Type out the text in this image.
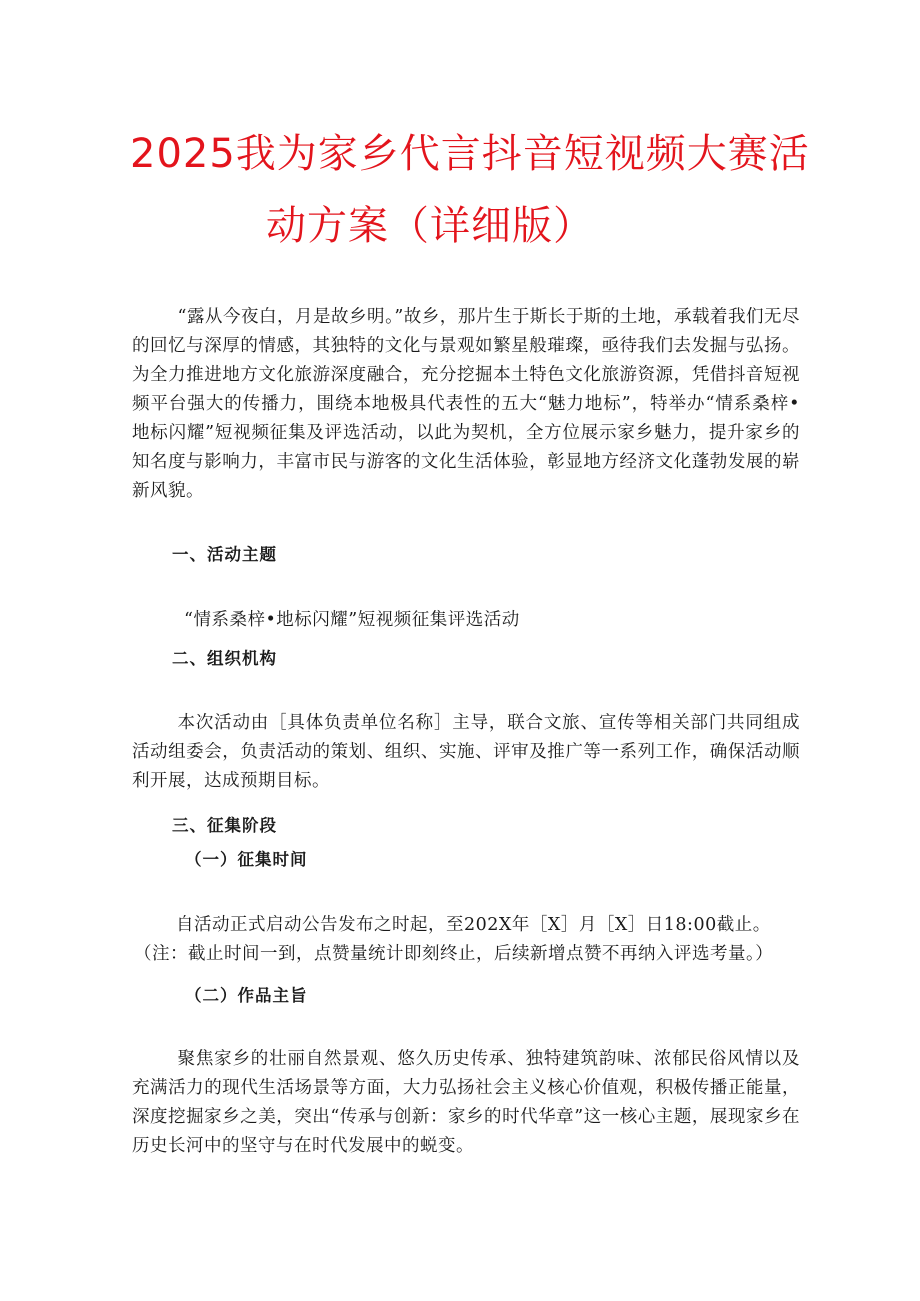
2025我为家乡代言抖音短视频大赛活
动方案（详细版）

“露从今夜白，月是故乡明。”故乡，那片生于斯长于斯的土地，承载着我们无尽的回忆与深厚的情感，其独特的文化与景观如繁星般璀璨，亟待我们去发掘与弘扬。为全力推进地方文化旅游深度融合，充分挖掘本土特色文化旅游资源，凭借抖音短视频平台强大的传播力，围绕本地极具代表性的五大“魅力地标”，特举办“情系桑梓•地标闪耀”短视频征集及评选活动，以此为契机，全方位展示家乡魅力，提升家乡的知名度与影响力，丰富市民与游客的文化生活体验，彰显地方经济文化蓬勃发展的崭新风貌。

一、活动主题

“情系桑梓•地标闪耀”短视频征集评选活动

二、组织机构

本次活动由［具体负责单位名称］主导，联合文旅、宣传等相关部门共同组成活动组委会，负责活动的策划、组织、实施、评审及推广等一系列工作，确保活动顺利开展，达成预期目标。

三、征集阶段
（一）征集时间

自活动正式启动公告发布之时起，至202X年［X］月［X］日18:00截止。

（注：截止时间一到，点赞量统计即刻终止，后续新增点赞不再纳入评选考量。）

（二）作品主旨

聚焦家乡的壮丽自然景观、悠久历史传承、独特建筑韵味、浓郁民俗风情以及充满活力的现代生活场景等方面，大力弘扬社会主义核心价值观，积极传播正能量，深度挖掘家乡之美，突出“传承与创新：家乡的时代华章”这一核心主题，展现家乡在历史长河中的坚守与在时代发展中的蜕变。
